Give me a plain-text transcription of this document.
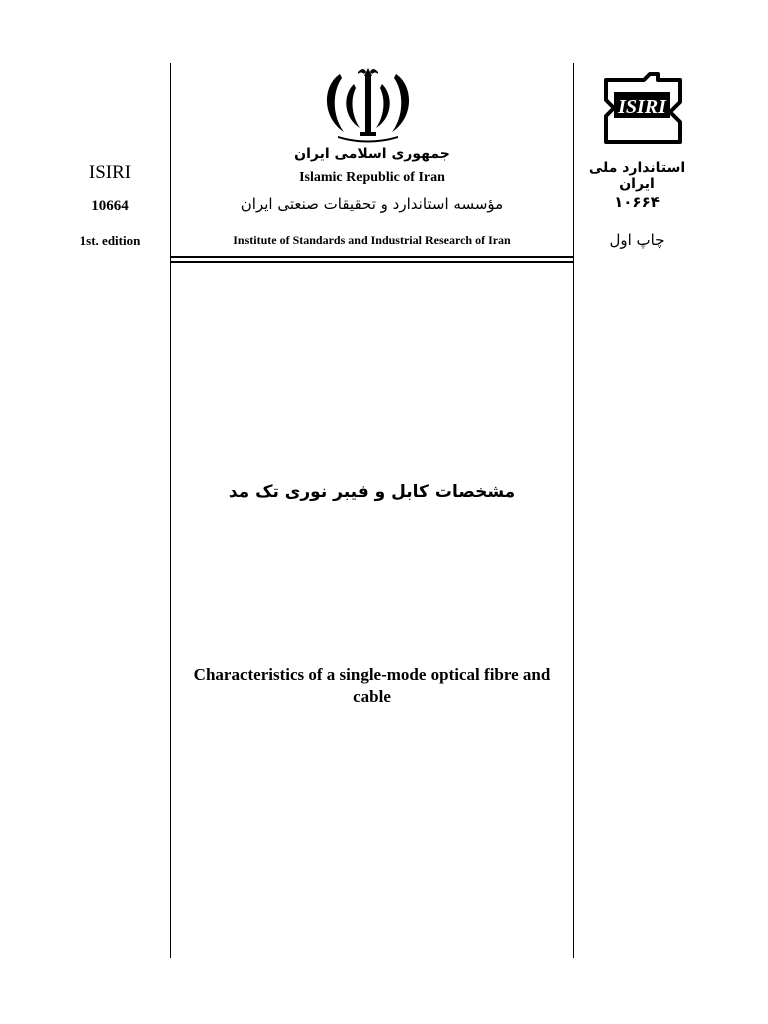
ISIRI
10664
1st. edition
ISIRI
استاندارد ملی ایران
۱۰۶۶۴
چاپ اول
جمهوری اسلامی ایران
Islamic Republic of Iran
مؤسسه استاندارد و تحقیقات صنعتی ایران
Institute of Standards and Industrial Research of Iran
مشخصات کابل و فیبر نوری تک مد
Characteristics of a single-mode optical fibre and cable
